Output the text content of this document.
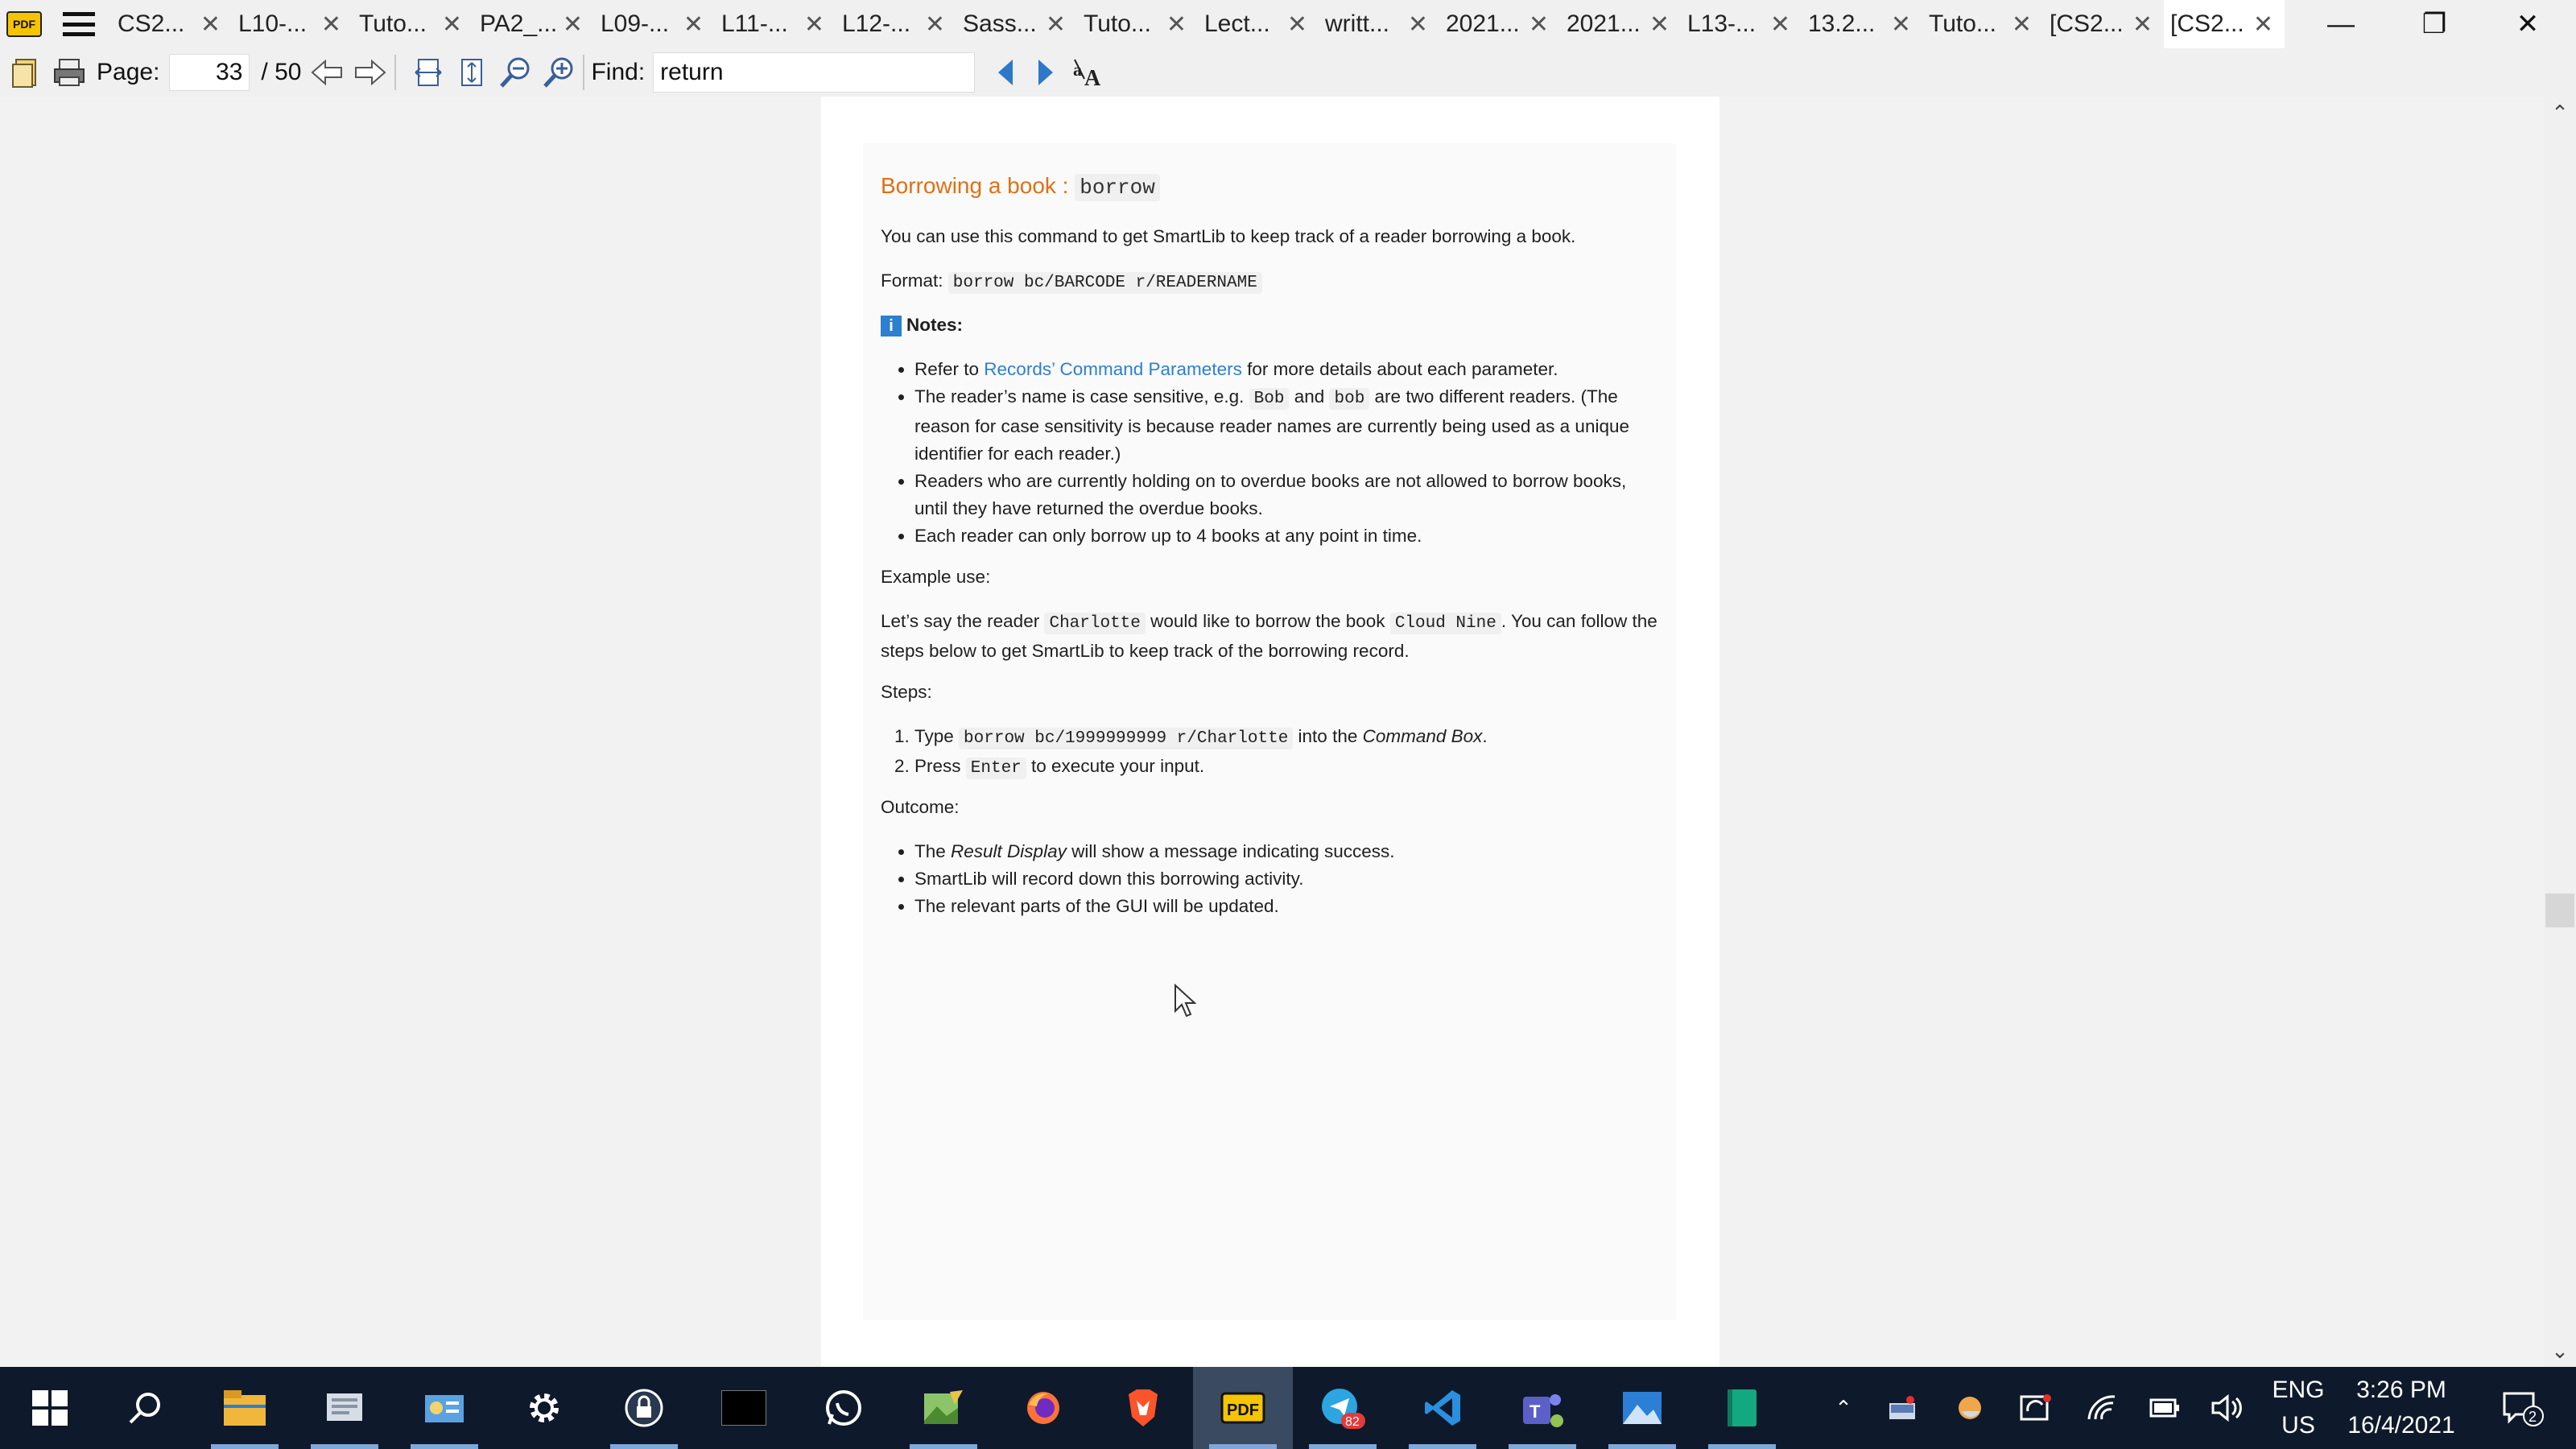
PDF	CS2... ✕ L10-... ✕ Tuto... ✕ PA2_... ✕ L09-... ✕ L11-... ✕ L12-... ✕ Sass... ✕ Tuto... ✕ Lect... ✕ writt... ✕ 2021... ✕ 2021... ✕ L13-... ✕ 13.2... ✕ Tuto... ✕ [CS2... ✕ [CS2... ✕	—	❐	✕
Page:	33 / 50	Find: return	a A
Borrowing a book : borrow
You can use this command to get SmartLib to keep track of a reader borrowing a book.
Format: borrow bc/BARCODE r/READERNAME
i Notes:
• Refer to Records’ Command Parameters for more details about each parameter.
• The reader’s name is case sensitive, e.g. Bob and bob are two different readers. (The reason for case sensitivity is because reader names are currently being used as a unique identifier for each reader.)
• Readers who are currently holding on to overdue books are not allowed to borrow books, until they have returned the overdue books.
• Each reader can only borrow up to 4 books at any point in time.
Example use:
Let’s say the reader Charlotte would like to borrow the book Cloud Nine . You can follow the steps below to get SmartLib to keep track of the borrowing record.
Steps:
1. Type borrow bc/1999999999 r/Charlotte into the Command Box.
2. Press Enter to execute your input.
Outcome:
• The Result Display will show a message indicating success.
• SmartLib will record down this borrowing activity.
• The relevant parts of the GUI will be updated.
⌃
⌄
PDF
82
T	⌃
ENG
US
3:26 PM
16/4/2021	2
